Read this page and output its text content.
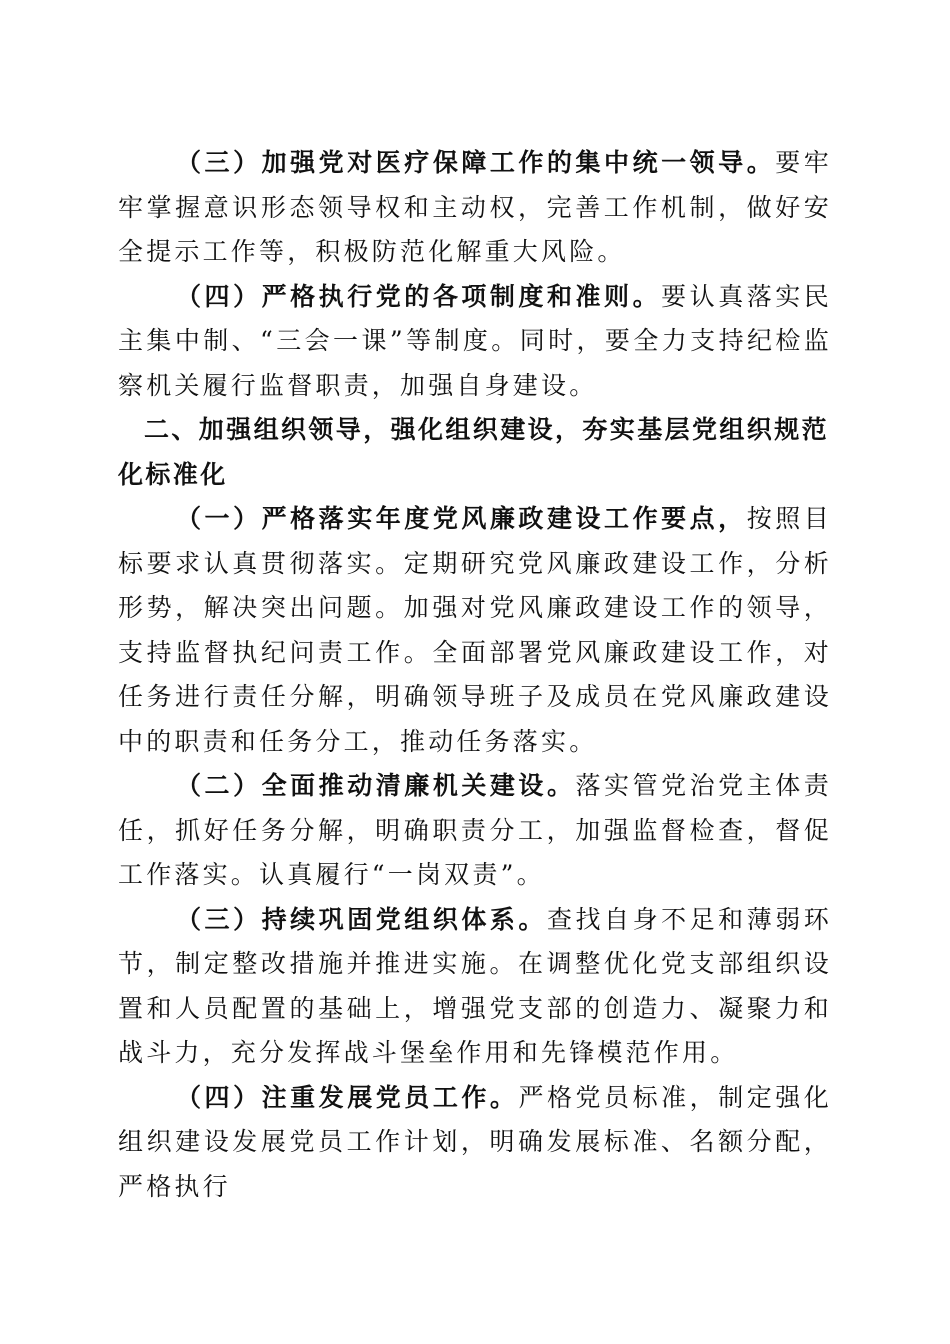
（三）加强党对医疗保障工作的集中统一领导。要牢牢掌握意识形态领导权和主动权，完善工作机制，做好安全提示工作等，积极防范化解重大风险。

（四）严格执行党的各项制度和准则。要认真落实民主集中制、“三会一课”等制度。同时，要全力支持纪检监察机关履行监督职责，加强自身建设。

二、加强组织领导，强化组织建设，夯实基层党组织规范化标准化

（一）严格落实年度党风廉政建设工作要点，按照目标要求认真贯彻落实。定期研究党风廉政建设工作，分析形势，解决突出问题。加强对党风廉政建设工作的领导，支持监督执纪问责工作。全面部署党风廉政建设工作，对任务进行责任分解，明确领导班子及成员在党风廉政建设中的职责和任务分工，推动任务落实。

（二）全面推动清廉机关建设。落实管党治党主体责任，抓好任务分解，明确职责分工，加强监督检查，督促工作落实。认真履行“一岗双责”。

（三）持续巩固党组织体系。查找自身不足和薄弱环节，制定整改措施并推进实施。在调整优化党支部组织设置和人员配置的基础上，增强党支部的创造力、凝聚力和战斗力，充分发挥战斗堡垒作用和先锋模范作用。

（四）注重发展党员工作。严格党员标准，制定强化组织建设发展党员工作计划，明确发展标准、名额分配，严格执行
